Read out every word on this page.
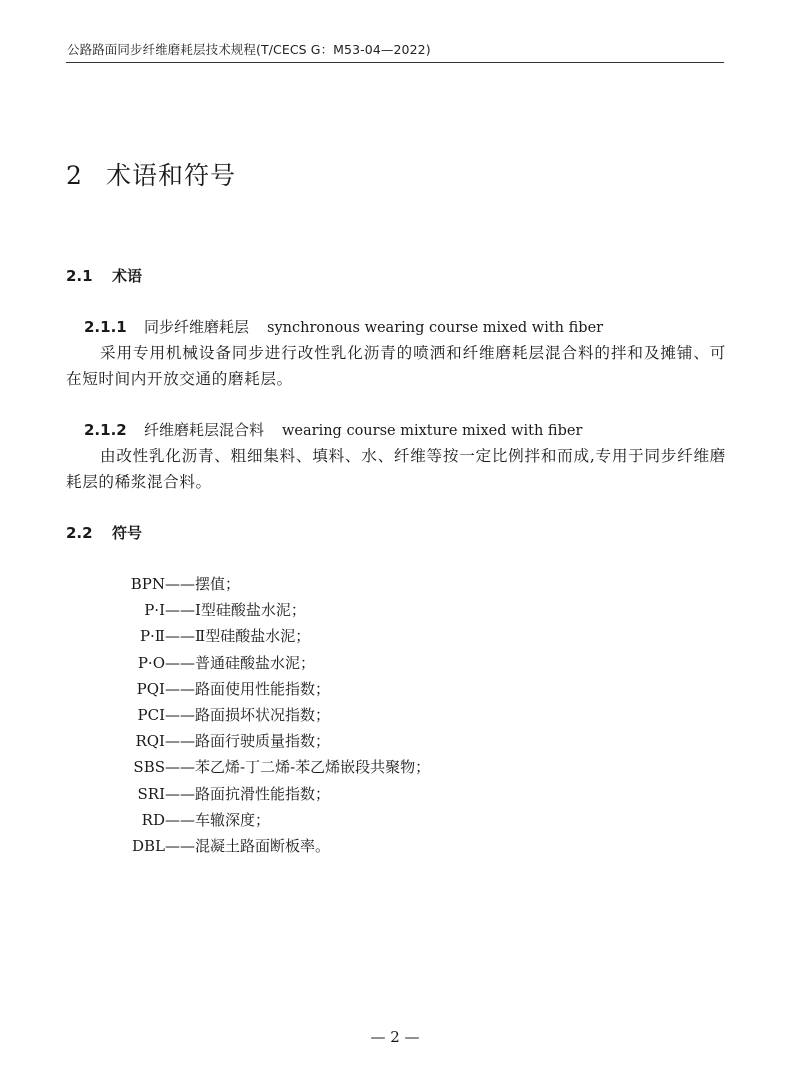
公路路面同步纤维磨耗层技术规程(T/CECS G：M53-04—2022)
2 术语和符号
2.1 术语
2.1.1 同步纤维磨耗层 synchronous wearing course mixed with fiber
采用专用机械设备同步进行改性乳化沥青的喷洒和纤维磨耗层混合料的拌和及摊铺、可在短时间内开放交通的磨耗层。
2.1.2 纤维磨耗层混合料 wearing course mixture mixed with fiber
由改性乳化沥青、粗细集料、填料、水、纤维等按一定比例拌和而成,专用于同步纤维磨耗层的稀浆混合料。
2.2 符号
BPN——摆值；
P·Ⅰ——Ⅰ型硅酸盐水泥；
P·Ⅱ——Ⅱ型硅酸盐水泥；
P·O——普通硅酸盐水泥；
PQI——路面使用性能指数；
PCI——路面损坏状况指数；
RQI——路面行驶质量指数；
SBS——苯乙烯-丁二烯-苯乙烯嵌段共聚物；
SRI——路面抗滑性能指数；
RD——车辙深度；
DBL——混凝土路面断板率。
— 2 —
